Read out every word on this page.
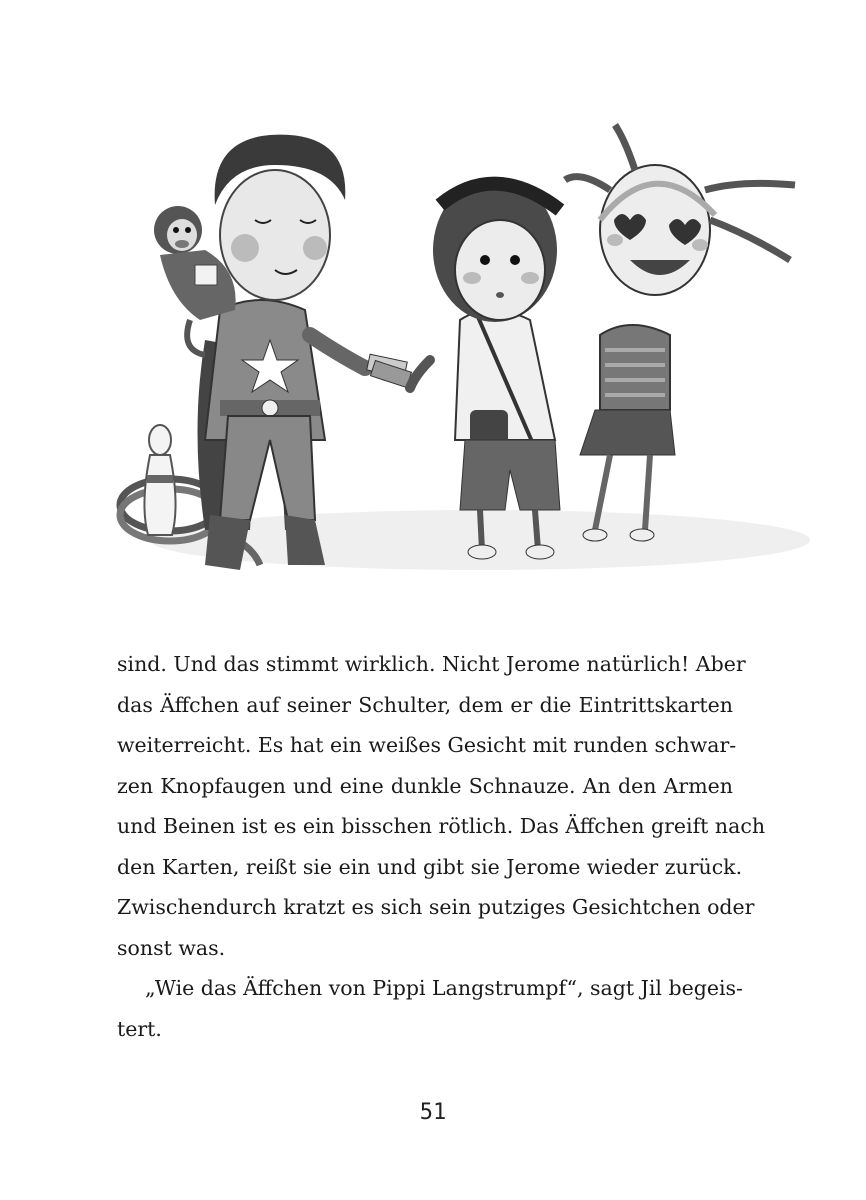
sind. Und das stimmt wirklich. Nicht Jerome natürlich! Aber
das Äffchen auf seiner Schulter, dem er die Eintrittskarten
weiterreicht. Es hat ein weißes Gesicht mit runden schwar-
zen Knopfaugen und eine dunkle Schnauze. An den Armen
und Beinen ist es ein bisschen rötlich. Das Äffchen greift nach
den Karten, reißt sie ein und gibt sie Jerome wieder zurück.
Zwischendurch kratzt es sich sein putziges Gesichtchen oder
sonst was.
„Wie das Äffchen von Pippi Langstrumpf“, sagt Jil begeis-
tert.
51
